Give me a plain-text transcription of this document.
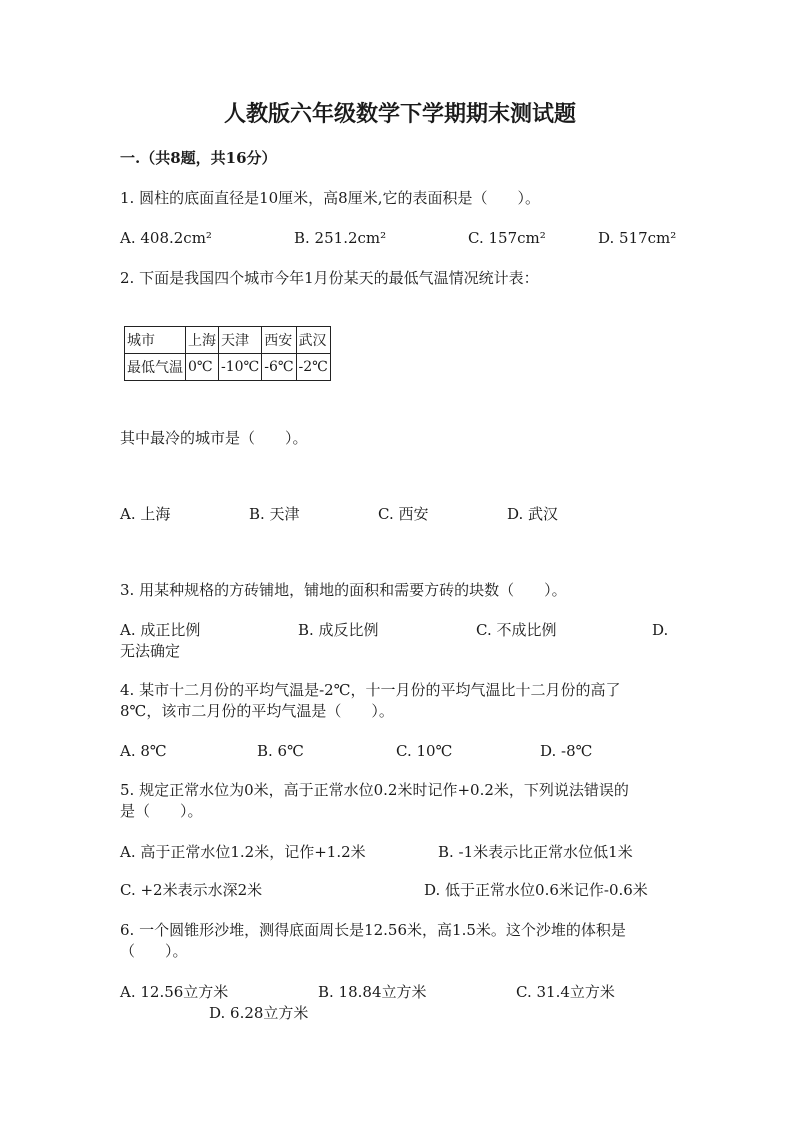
人教版六年级数学下学期期末测试题
一.（共8题，共16分）
1. 圆柱的底面直径是10厘米，高8厘米,它的表面积是（　　）。
A. 408.2cm²	B. 251.2cm²	C. 157cm²	D. 517cm²
2. 下面是我国四个城市今年1月份某天的最低气温情况统计表：
城市	上海	天津	西安	武汉
最低气温	0℃	-10℃	-6℃	-2℃
其中最冷的城市是（　　）。
A. 上海	B. 天津	C. 西安	D. 武汉
3. 用某种规格的方砖铺地，铺地的面积和需要方砖的块数（　　）。
A. 成正比例	B. 成反比例	C. 不成比例	D.
无法确定
4. 某市十二月份的平均气温是-2℃，十一月份的平均气温比十二月份的高了
8℃，该市二月份的平均气温是（　　）。
A. 8℃	B. 6℃	C. 10℃	D. -8℃
5. 规定正常水位为0米，高于正常水位0.2米时记作+0.2米，下列说法错误的
是（　　）。
A. 高于正常水位1.2米，记作+1.2米	B. -1米表示比正常水位低1米
C. +2米表示水深2米	D. 低于正常水位0.6米记作-0.6米
6. 一个圆锥形沙堆，测得底面周长是12.56米，高1.5米。这个沙堆的体积是
（　　）。
A. 12.56立方米	B. 18.84立方米	C. 31.4立方米
D. 6.28立方米
